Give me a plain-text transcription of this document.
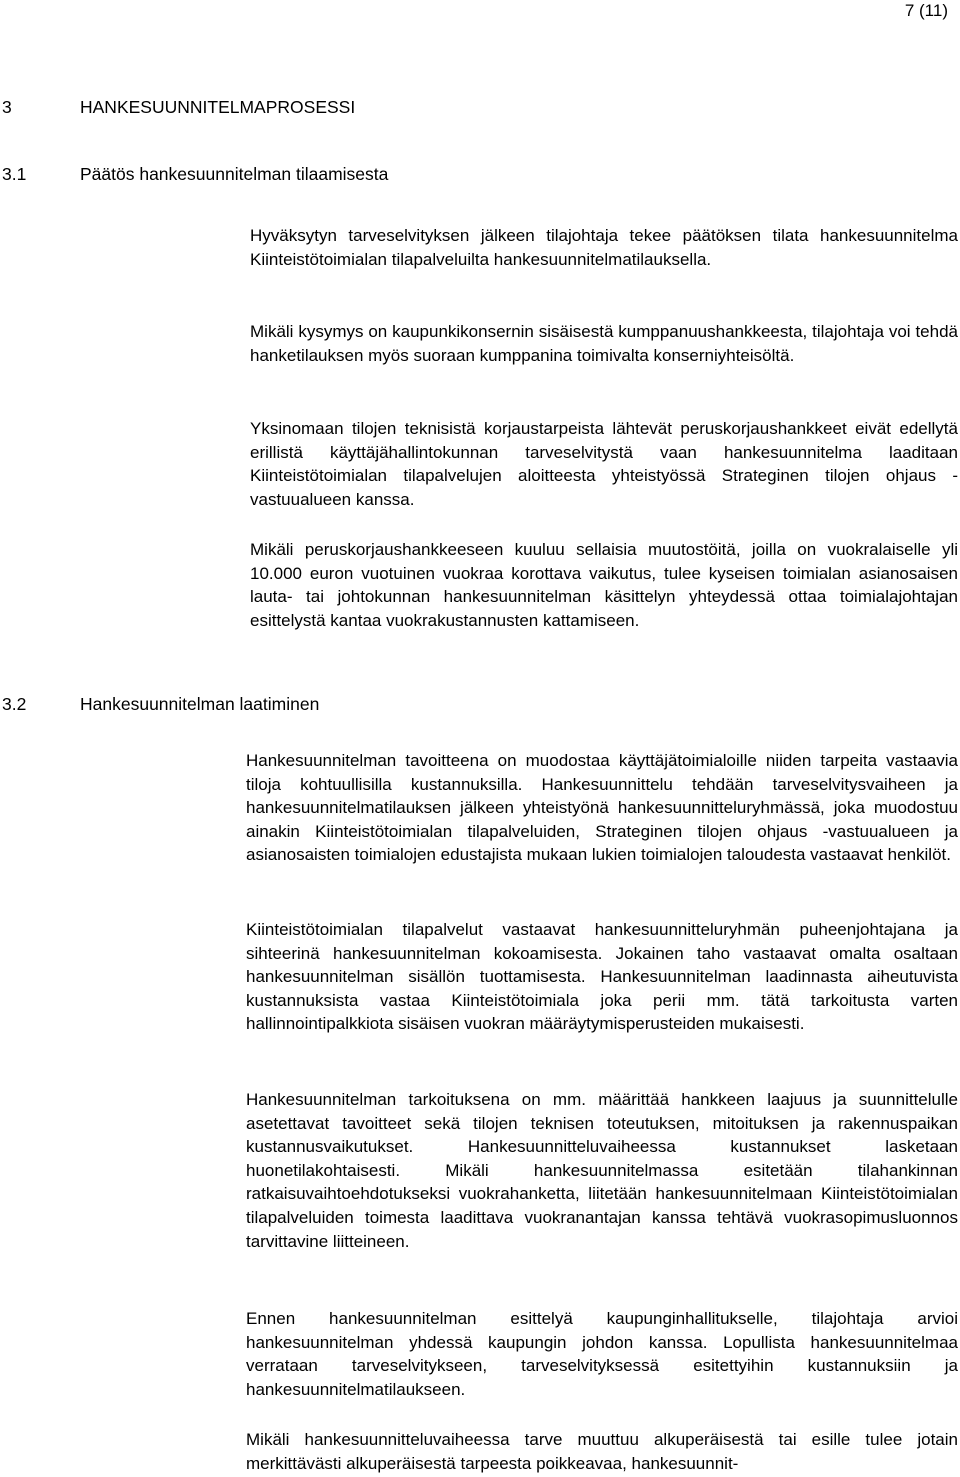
7 (11)
3	HANKESUUNNITELMAPROSESSI
3.1	Päätös hankesuunnitelman tilaamisesta

Hyväksytyn tarveselvityksen jälkeen tilajohtaja tekee päätöksen tilata hankesuunnitelma Kiinteistötoimialan tilapalveluilta hankesuunnitelmatilauksella.

Mikäli kysymys on kaupunkikonsernin sisäisestä kumppanuushankkeesta, tilajohtaja voi tehdä hanketilauksen myös suoraan kumppanina toimivalta konserniyhteisöltä.

Yksinomaan tilojen teknisistä korjaustarpeista lähtevät peruskorjaushankkeet eivät edellytä erillistä käyttäjähallintokunnan tarveselvitystä vaan hankesuunnitelma laaditaan Kiinteistötoimialan tilapalvelujen aloitteesta yhteistyössä Strateginen tilojen ohjaus -vastuualueen kanssa.

Mikäli peruskorjaushankkeeseen kuuluu sellaisia muutostöitä, joilla on vuokralaiselle yli 10.000 euron vuotuinen vuokraa korottava vaikutus, tulee kyseisen toimialan asianosaisen lauta- tai johtokunnan hankesuunnitelman käsittelyn yhteydessä ottaa toimialajohtajan esittelystä kantaa vuokrakustannusten kattamiseen.

3.2	Hankesuunnitelman laatiminen

Hankesuunnitelman tavoitteena on muodostaa käyttäjätoimialoille niiden tarpeita vastaavia tiloja kohtuullisilla kustannuksilla. Hankesuunnittelu tehdään tarveselvitysvaiheen ja hankesuunnitelmatilauksen jälkeen yhteistyönä hankesuunnitteluryhmässä, joka muodostuu ainakin Kiinteistötoimialan tilapalveluiden, Strateginen tilojen ohjaus -vastuualueen ja asianosaisten toimialojen edustajista mukaan lukien toimialojen taloudesta vastaavat henkilöt.

Kiinteistötoimialan tilapalvelut vastaavat hankesuunnitteluryhmän puheenjohtajana ja sihteerinä hankesuunnitelman kokoamisesta. Jokainen taho vastaavat omalta osaltaan hankesuunnitelman sisällön tuottamisesta. Hankesuunnitelman laadinnasta aiheutuvista kustannuksista vastaa Kiinteistötoimiala joka perii mm. tätä tarkoitusta varten hallinnointipalkkiota sisäisen vuokran määräytymisperusteiden mukaisesti.

Hankesuunnitelman tarkoituksena on mm. määrittää hankkeen laajuus ja suunnittelulle asetettavat tavoitteet sekä tilojen teknisen toteutuksen, mitoituksen ja rakennuspaikan kustannusvaikutukset. Hankesuunnitteluvaiheessa kustannukset lasketaan huonetilakohtaisesti. Mikäli hankesuunnitelmassa esitetään tilahankinnan ratkaisuvaihtoehdotukseksi vuokrahanketta, liitetään hankesuunnitelmaan Kiinteistötoimialan tilapalveluiden toimesta laadittava vuokranantajan kanssa tehtävä vuokrasopimusluonnos tarvittavine liitteineen.

Ennen hankesuunnitelman esittelyä kaupunginhallitukselle, tilajohtaja arvioi hankesuunnitelman yhdessä kaupungin johdon kanssa. Lopullista hankesuunnitelmaa verrataan tarveselvitykseen, tarveselvityksessä esitettyihin kustannuksiin ja hankesuunnitelmatilaukseen.

Mikäli hankesuunnitteluvaiheessa tarve muuttuu alkuperäisestä tai esille tulee jotain merkittävästi alkuperäisestä tarpeesta poikkeavaa, hankesuunnit-
